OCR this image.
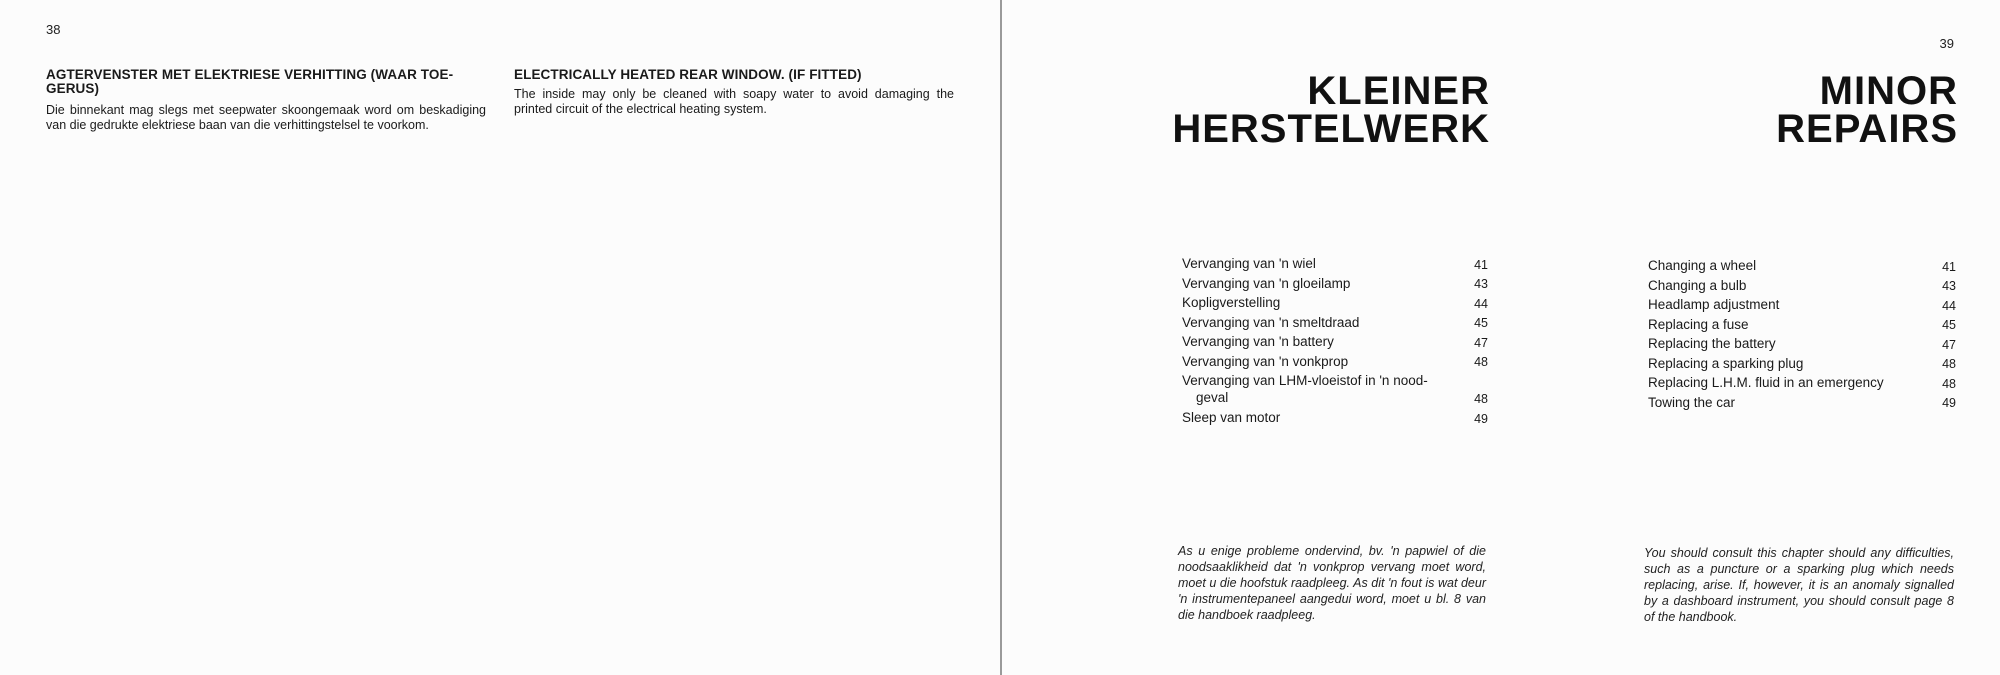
38
AGTERVENSTER MET ELEKTRIESE VERHITTING (WAAR TOE-GERUS)
Die binnekant mag slegs met seepwater skoongemaak word om beskadiging van die gedrukte elektriese baan van die verhittingstelsel te voorkom.
ELECTRICALLY HEATED REAR WINDOW. (IF FITTED)
The inside may only be cleaned with soapy water to avoid damaging the printed circuit of the electrical heating system.
39
KLEINER
HERSTELWERK
Vervanging van 'n wiel	41
Vervanging van 'n gloeilamp	43
Kopligverstelling	44
Vervanging van 'n smeltdraad	45
Vervanging van 'n battery	47
Vervanging van 'n vonkprop	48
Vervanging van LHM-vloeistof in 'n nood-
geval	48
Sleep van motor	49
As u enige probleme ondervind, bv. 'n papwiel of die noodsaaklikheid dat 'n vonkprop vervang moet word, moet u die hoofstuk raadpleeg. As dit 'n fout is wat deur 'n instrumentepaneel aangedui word, moet u bl. 8 van die handboek raadpleeg.
MINOR
REPAIRS
Changing a wheel	41
Changing a bulb	43
Headlamp adjustment	44
Replacing a fuse	45
Replacing the battery	47
Replacing a sparking plug	48
Replacing L.H.M. fluid in an emergency	48
Towing the car	49
You should consult this chapter should any difficulties, such as a puncture or a sparking plug which needs replacing, arise. If, however, it is an anomaly signalled by a dashboard instrument, you should consult page 8 of the handbook.
